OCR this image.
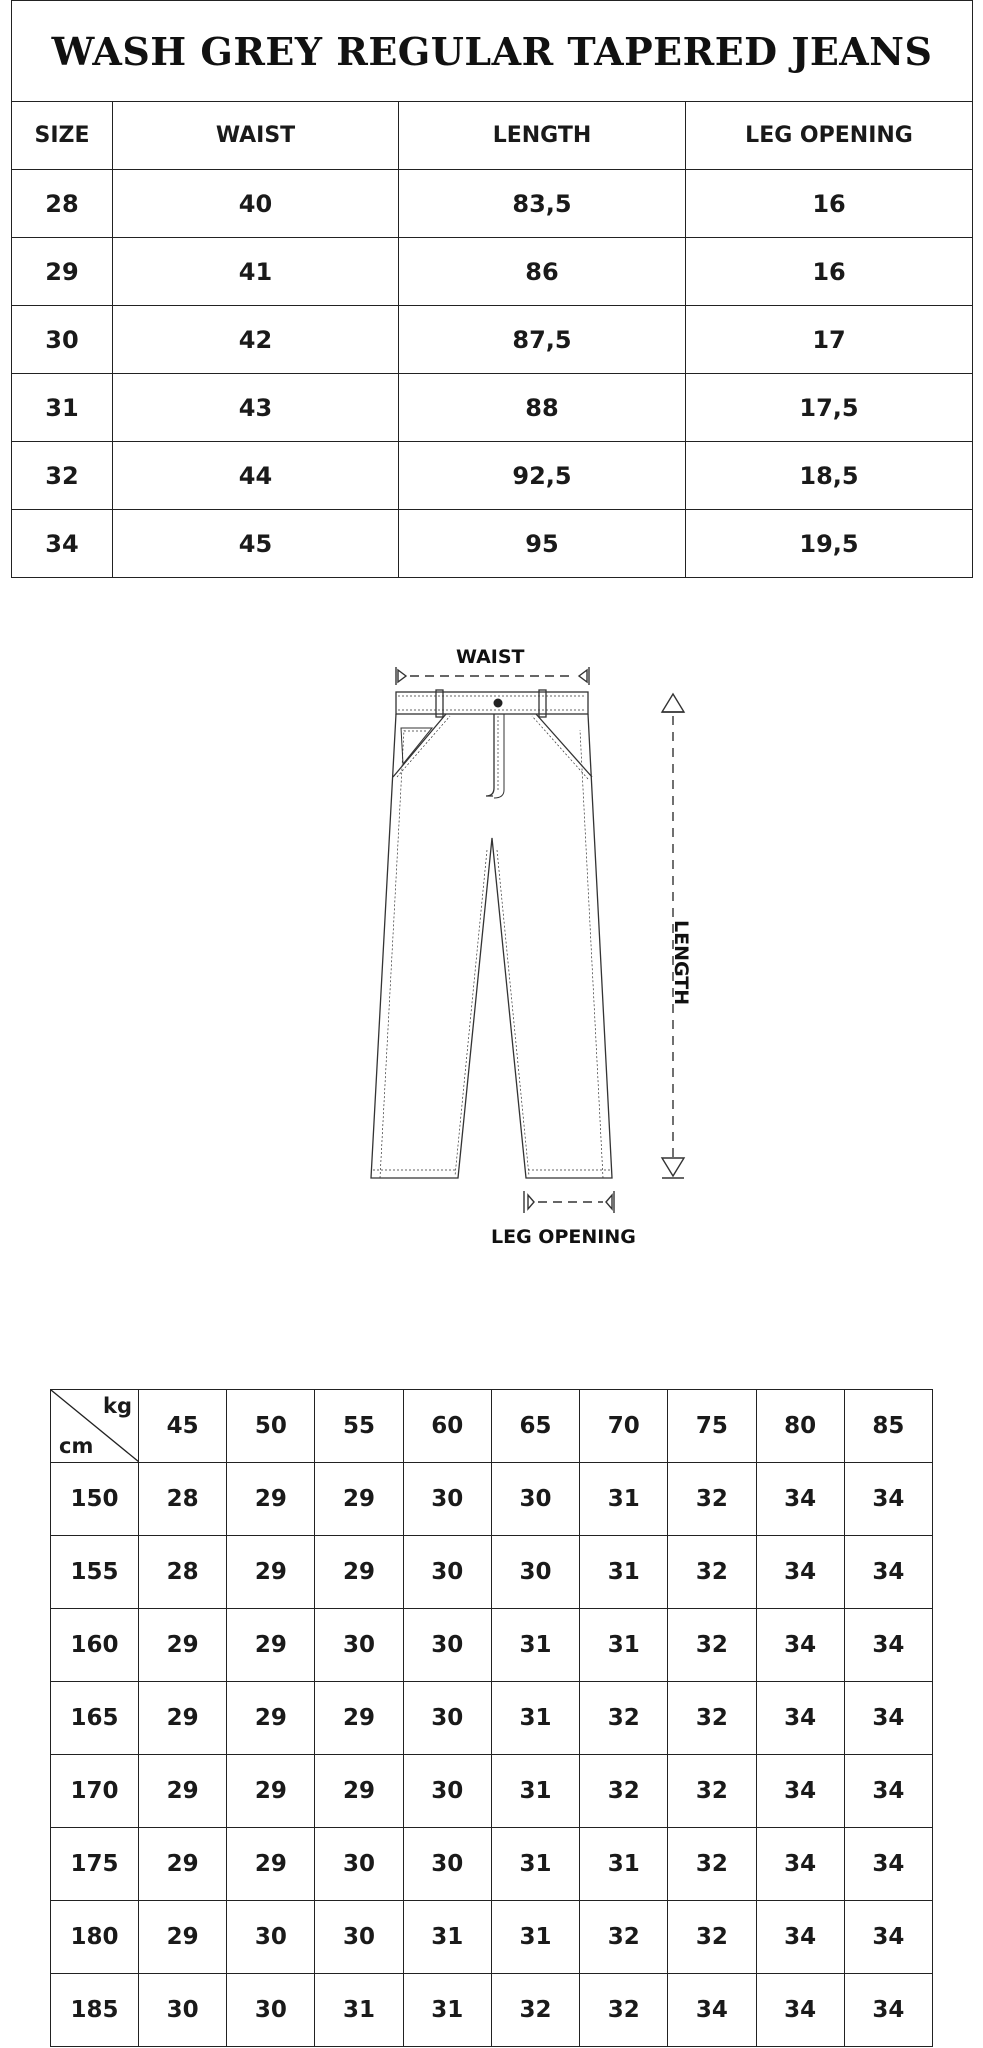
WASH GREY REGULAR TAPERED JEANS			
SIZE	WAIST	LENGTH	LEG OPENING
28	40	83,5	16
29	41	86	16
30	42	87,5	17
31	43	88	17,5
32	44	92,5	18,5
34	45	95	19,5
WAIST
LENGTH
LEG OPENING
kg
cm	45	50	55	60	65	70	75	80	85
150	28	29	29	30	30	31	32	34	34
155	28	29	29	30	30	31	32	34	34
160	29	29	30	30	31	31	32	34	34
165	29	29	29	30	31	32	32	34	34
170	29	29	29	30	31	32	32	34	34
175	29	29	30	30	31	31	32	34	34
180	29	30	30	31	31	32	32	34	34
185	30	30	31	31	32	32	34	34	34
